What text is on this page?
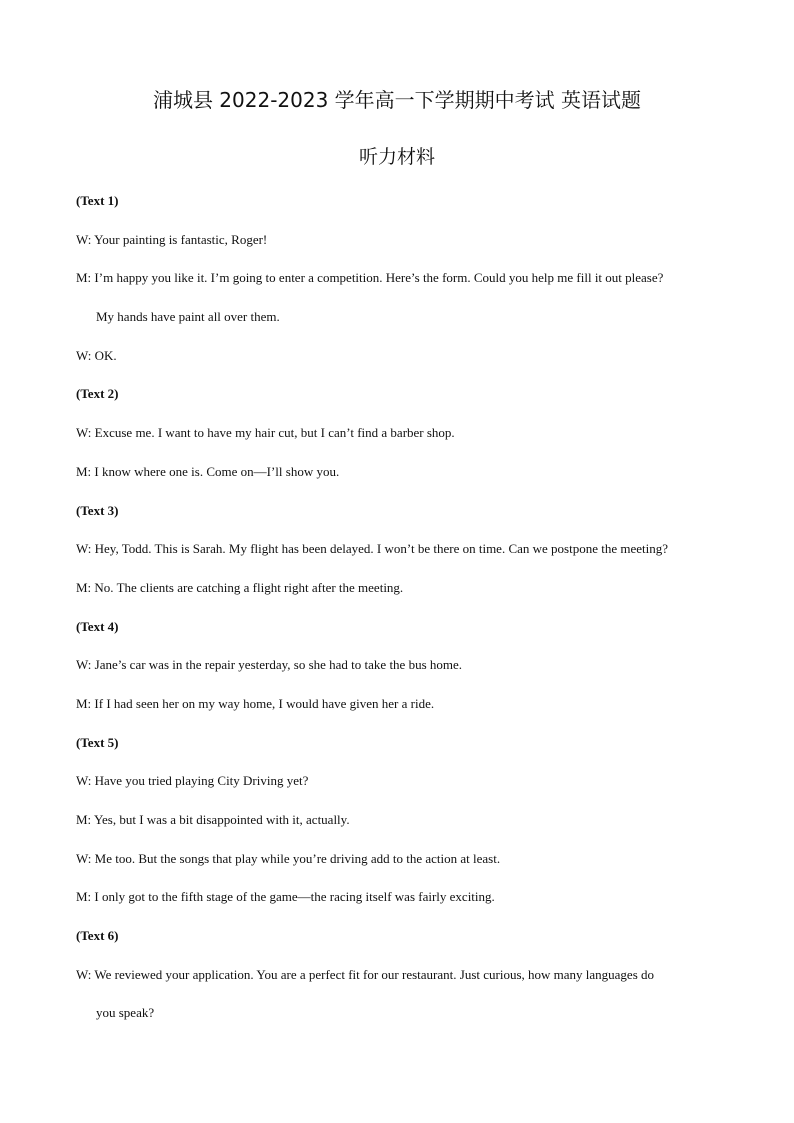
浦城县 2022-2023 学年高一下学期期中考试 英语试题
听力材料
(Text 1)
W: Your painting is fantastic, Roger!
M: I’m happy you like it. I’m going to enter a competition. Here’s the form. Could you help me fill it out please?
My hands have paint all over them.
W: OK.
(Text 2)
W: Excuse me. I want to have my hair cut, but I can’t find a barber shop.
M: I know where one is. Come on—I’ll show you.
(Text 3)
W: Hey, Todd. This is Sarah. My flight has been delayed. I won’t be there on time. Can we postpone the meeting?
M: No. The clients are catching a flight right after the meeting.
(Text 4)
W: Jane’s car was in the repair yesterday, so she had to take the bus home.
M: If I had seen her on my way home, I would have given her a ride.
(Text 5)
W: Have you tried playing City Driving yet?
M: Yes, but I was a bit disappointed with it, actually.
W: Me too. But the songs that play while you’re driving add to the action at least.
M: I only got to the fifth stage of the game—the racing itself was fairly exciting.
(Text 6)
W: We reviewed your application. You are a perfect fit for our restaurant. Just curious, how many languages do
you speak?
